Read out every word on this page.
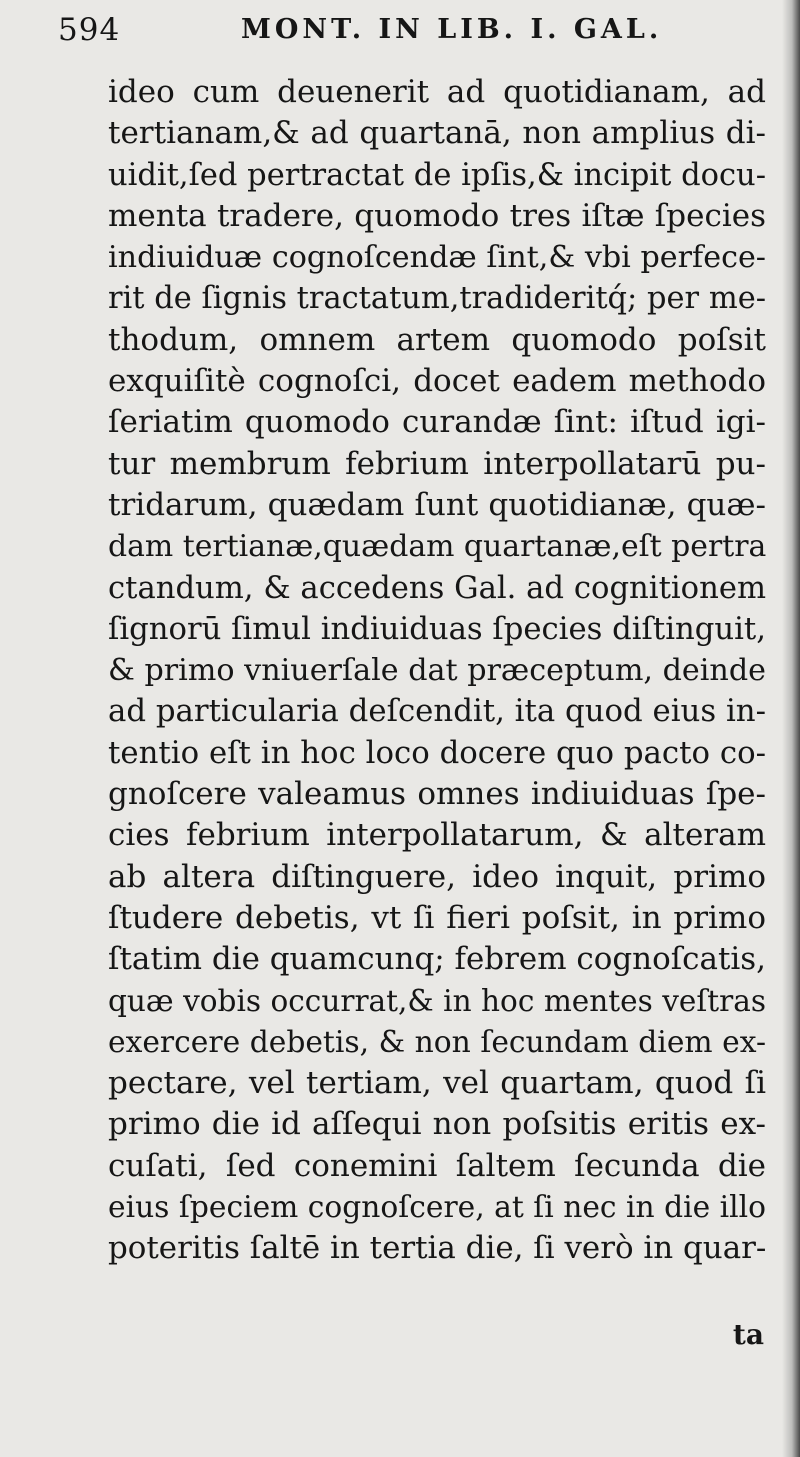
594	MONT. IN LIB. I. GAL.
ideo cum deuenerit ad quotidianam, ad
tertianam,& ad quartanā, non amplius di-
uidit,ſed pertractat de ipſis,& incipit docu-
menta tradere, quomodo tres iſtæ ſpecies
indiuiduæ cognoſcendæ ſint,& vbi perfece-
rit de ſignis tractatum,tradideritq́; per me-
thodum, omnem artem quomodo poſsit
exquiſitè cognoſci, docet eadem methodo
ſeriatim quomodo curandæ ſint: iſtud igi-
tur membrum febrium interpollatarū pu-
tridarum, quædam ſunt quotidianæ, quæ-
dam tertianæ,quædam quartanæ,eſt pertra
ctandum, & accedens Gal. ad cognitionem
ſignorū ſimul indiuiduas ſpecies diſtinguit,
& primo vniuerſale dat præceptum, deinde
ad particularia deſcendit, ita quod eius in-
tentio eſt in hoc loco docere quo pacto co-
gnoſcere valeamus omnes indiuiduas ſpe-
cies febrium interpollatarum, & alteram
ab altera diſtinguere, ideo inquit, primo
ſtudere debetis, vt ſi fieri poſsit, in primo
ſtatim die quamcunq; febrem cognoſcatis,
quæ vobis occurrat,& in hoc mentes veſtras
exercere debetis, & non ſecundam diem ex-
pectare, vel tertiam, vel quartam, quod ſi
primo die id aſſequi non poſsitis eritis ex-
cuſati, ſed conemini ſaltem ſecunda die
eius ſpeciem cognoſcere, at ſi nec in die illo
poteritis ſaltē in tertia die, ſi verò in quar-
ta
